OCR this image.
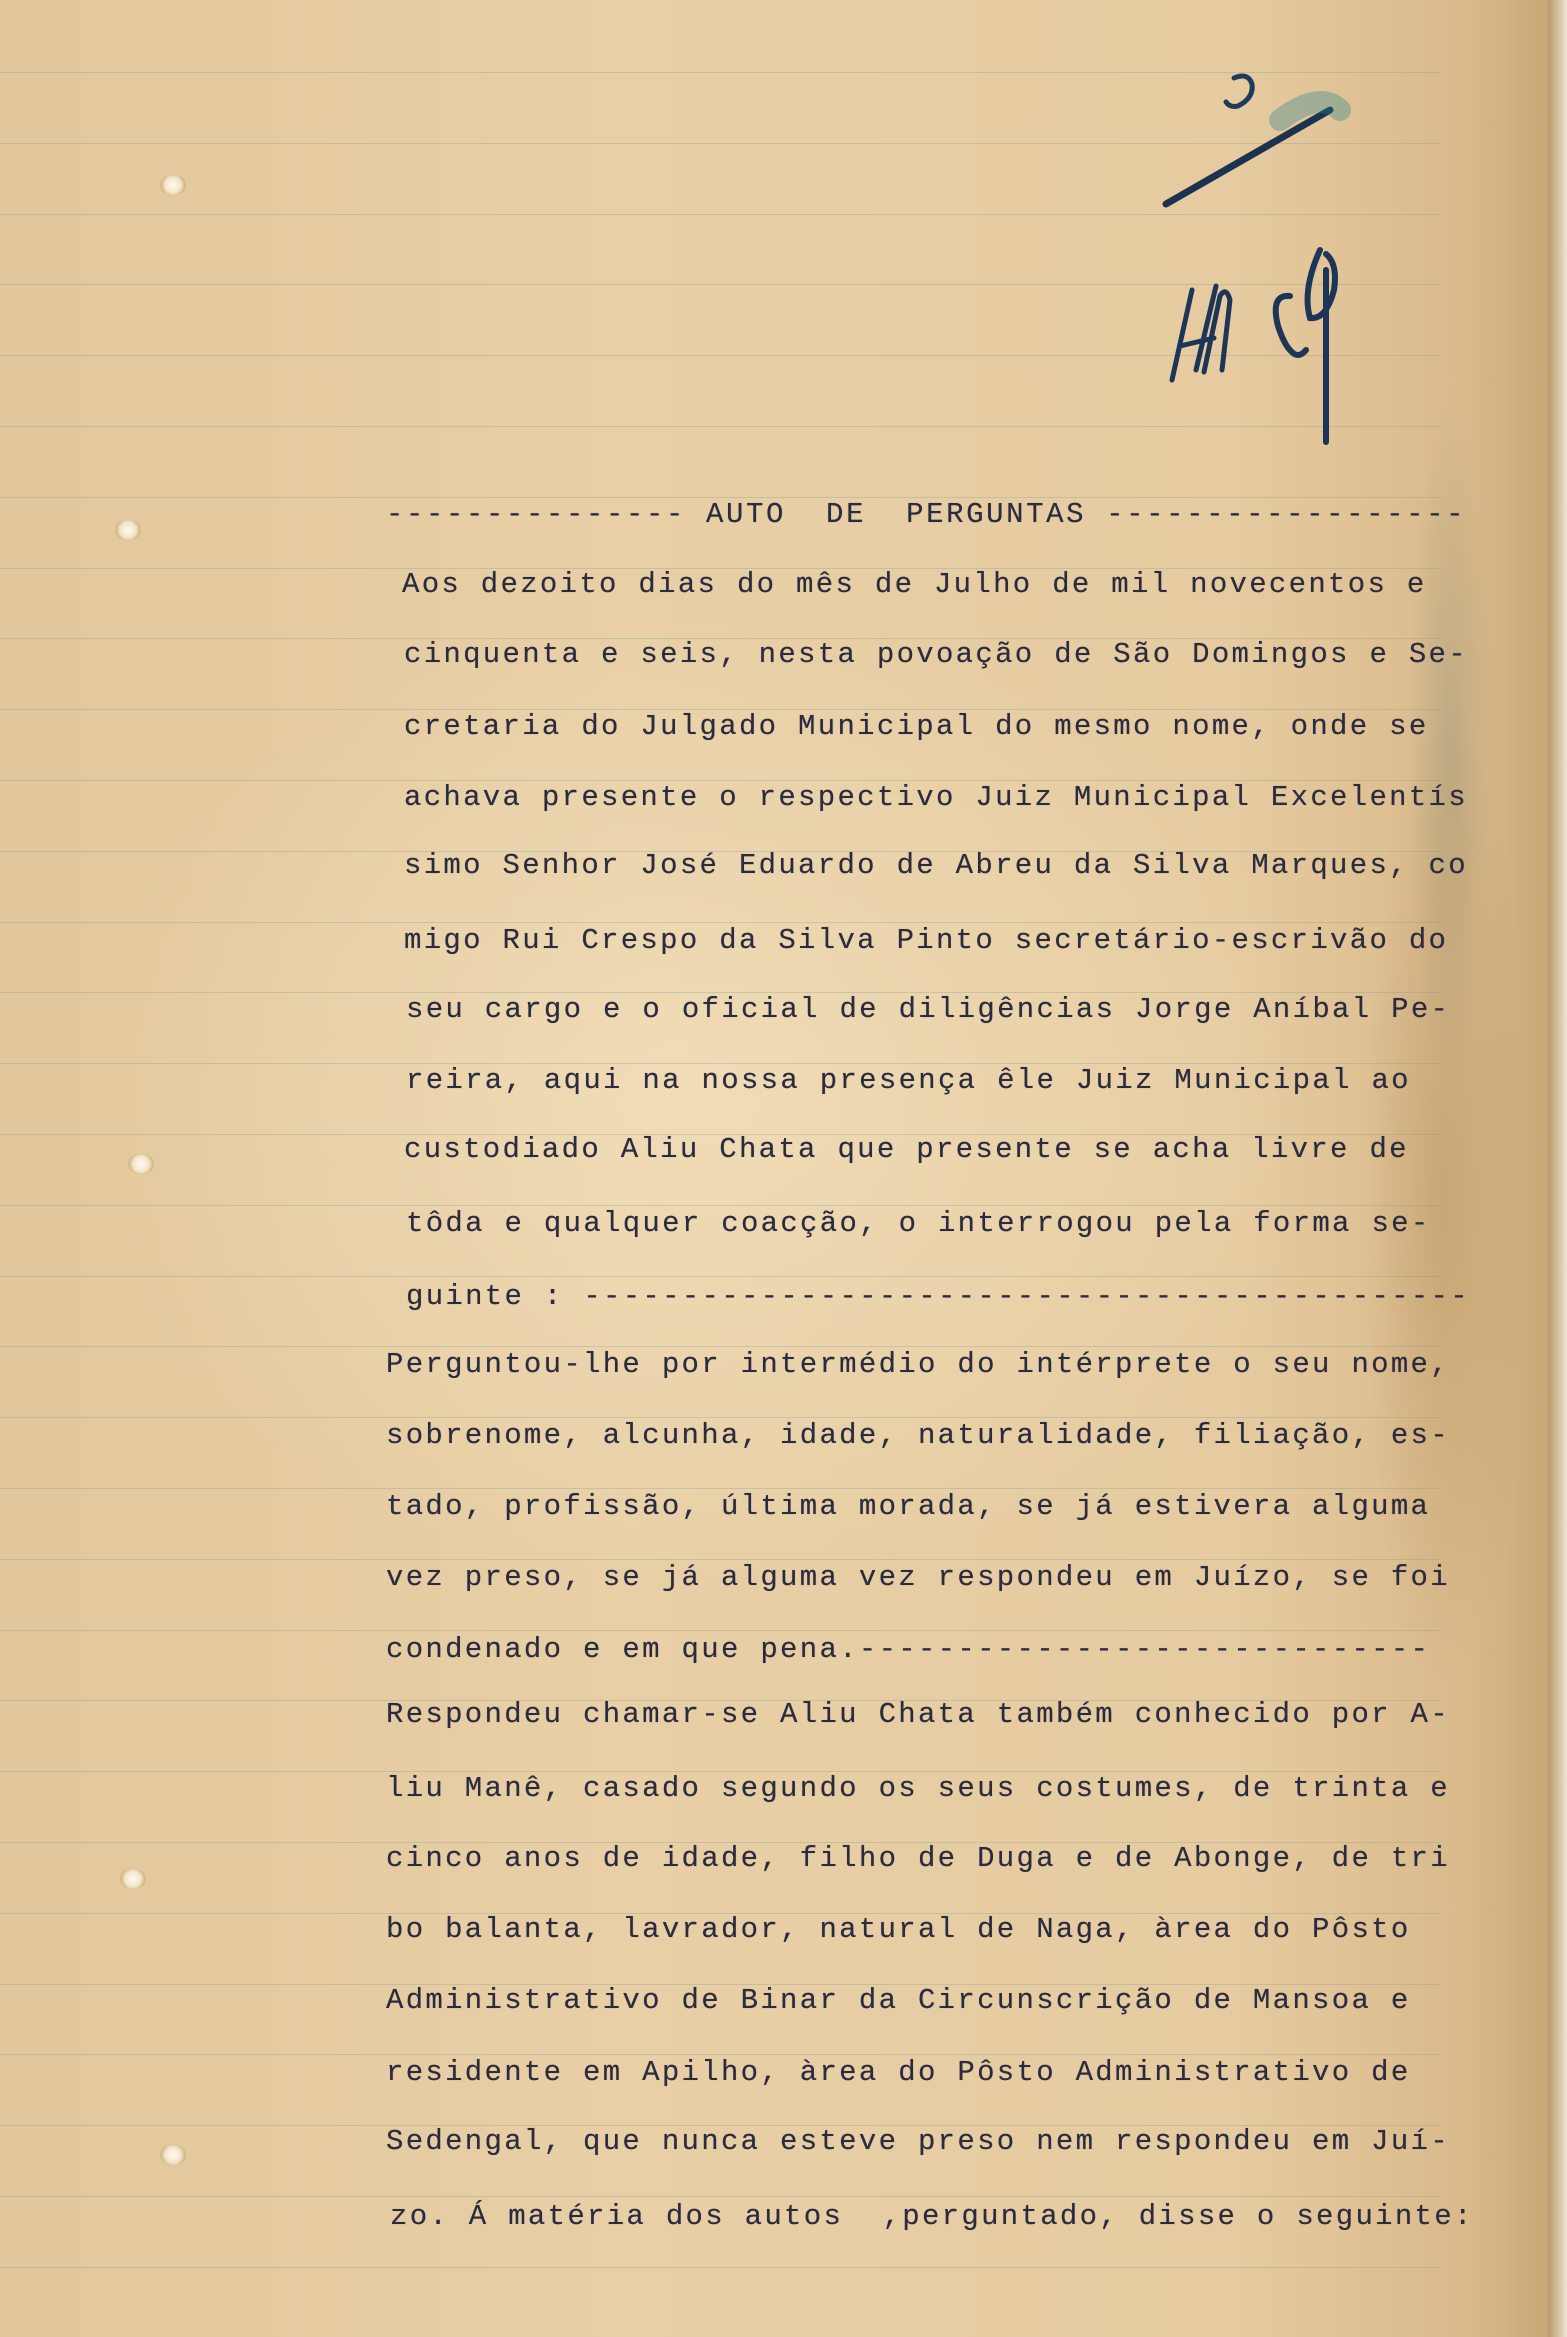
--------------- AUTO  DE  PERGUNTAS ------------------

Aos dezoito dias do mês de Julho de mil novecentos e

cinquenta e seis, nesta povoação de São Domingos e Se-

cretaria do Julgado Municipal do mesmo nome, onde se

achava presente o respectivo Juiz Municipal Excelentís

simo Senhor José Eduardo de Abreu da Silva Marques, co

migo Rui Crespo da Silva Pinto secretário-escrivão do

seu cargo e o oficial de diligências Jorge Aníbal Pe-

reira, aqui na nossa presença êle Juiz Municipal ao

custodiado Aliu Chata que presente se acha livre de

tôda e qualquer coacção, o interrogou pela forma se-

guinte : ---------------------------------------------

Perguntou-lhe por intermédio do intérprete o seu nome,

sobrenome, alcunha, idade, naturalidade, filiação, es-

tado, profissão, última morada, se já estivera alguma

vez preso, se já alguma vez respondeu em Juízo, se foi

condenado e em que pena.-----------------------------

Respondeu chamar-se Aliu Chata também conhecido por A-

liu Manê, casado segundo os seus costumes, de trinta e

cinco anos de idade, filho de Duga e de Abonge, de tri

bo balanta, lavrador, natural de Naga, àrea do Pôsto

Administrativo de Binar da Circunscrição de Mansoa e

residente em Apilho, àrea do Pôsto Administrativo de

Sedengal, que nunca esteve preso nem respondeu em Juí-

zo. Á matéria dos autos  ,perguntado, disse o seguinte:
